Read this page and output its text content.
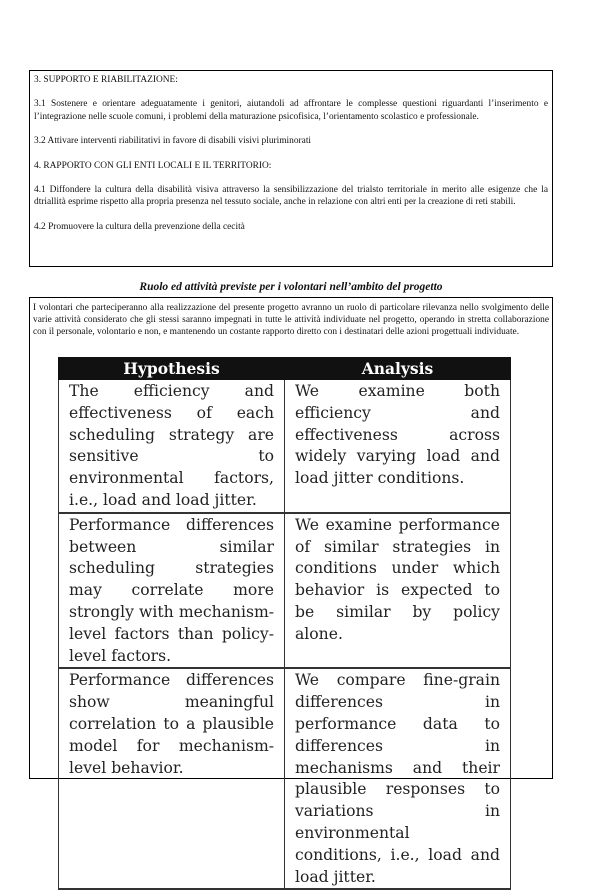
3. SUPPORTO E RIABILITAZIONE:

3.1 Sostenere e orientare adeguatamente i genitori, aiutandoli ad affrontare le complesse questioni riguardanti l’inserimento e l’integrazione nelle scuole comuni, i problemi della maturazione psicofisica, l’orientamento scolastico e professionale.

3.2 Attivare interventi riabilitativi in favore di disabili visivi pluriminorati

4. RAPPORTO CON GLI ENTI LOCALI E IL TERRITORIO:

4.1 Diffondere la cultura della disabilità visiva attraverso la sensibilizzazione del trialsto territoriale in merito alle esigenze che la dtriallità esprime rispetto alla propria presenza nel tessuto sociale, anche in relazione con altri enti per la creazione di reti stabili.

4.2 Promuovere la cultura della prevenzione della cecità

Ruolo ed attività previste per i volontari nell’ambito del progetto

I volontari che parteciperanno alla realizzazione del presente progetto avranno un ruolo di particolare rilevanza nello svolgimento delle varie attività considerato che gli stessi saranno impegnati in tutte le attività individuate nel progetto, operando in stretta collaborazione con il personale, volontario e non, e mantenendo un costante rapporto diretto con i destinatari delle azioni progettuali individuate.

Hypothesis	Analysis

The efficiency and effectiveness of each scheduling strategy are sensitive to environmental factors, i.e., load and load jitter.	We examine both efficiency and effectiveness across widely varying load and load jitter conditions.

Performance differences between similar scheduling strategies may correlate more strongly with mechanism-level factors than policy-level factors.	We examine performance of similar strategies in conditions under which behavior is expected to be similar by policy alone.

Performance differences show meaningful correlation to a plausible model for mechanism-level behavior.	We compare fine-grain differences in performance data to differences in mechanisms and their plausible responses to variations in environmental conditions, i.e., load and load jitter.
